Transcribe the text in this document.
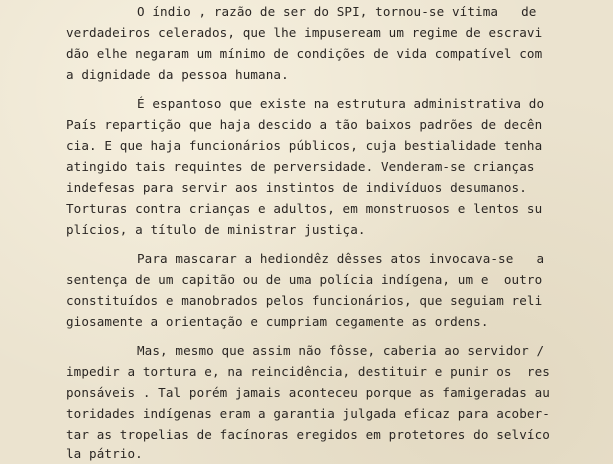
O índio , razão de ser do SPI, tornou-se vítima   de
verdadeiros celerados, que lhe impuseream um regime de escravi
dão elhe negaram um mínimo de condições de vida compatível com
a dignidade da pessoa humana.
É espantoso que existe na estrutura administrativa do
País repartição que haja descido a tão baixos padrões de decên
cia. E que haja funcionários públicos, cuja bestialidade tenha
atingido tais requintes de perversidade. Venderam-se crianças
indefesas para servir aos instintos de indivíduos desumanos.
Torturas contra crianças e adultos, em monstruosos e lentos su
plícios, a título de ministrar justiça.
Para mascarar a hediondêz dêsses atos invocava-se   a
sentença de um capitão ou de uma polícia indígena, um e  outro
constituídos e manobrados pelos funcionários, que seguiam reli
giosamente a orientação e cumpriam cegamente as ordens.
Mas, mesmo que assim não fôsse, caberia ao servidor /
impedir a tortura e, na reincidência, destituir e punir os  res
ponsáveis . Tal porém jamais aconteceu porque as famigeradas au
toridades indígenas eram a garantia julgada eficaz para acober-
tar as tropelias de facínoras eregidos em protetores do selvíco
la pátrio.
